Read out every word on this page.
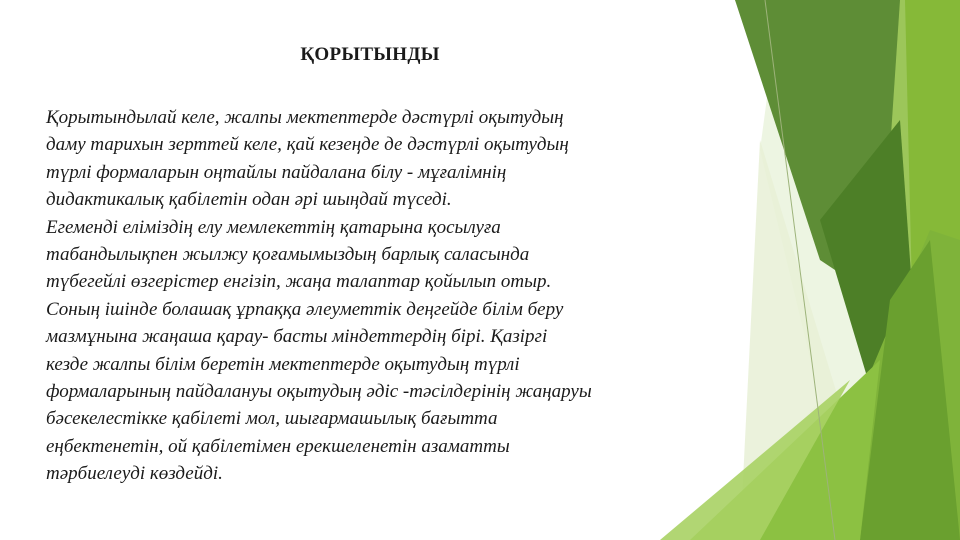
ҚОРЫТЫНДЫ
Қорытындылай келе, жалпы мектептерде дәстүрлі оқытудың
даму тарихын зерттей келе, қай кезеңде де дәстүрлі оқытудың
түрлі формаларын оңтайлы пайдалана білу - мұғалімнің
дидактикалық қабілетін одан әрі шыңдай түседі.
Егеменді еліміздің елу мемлекеттің қатарына қосылуға
табандылықпен жылжу қоғамымыздың барлық саласында
түбегейлі өзгерістер енгізіп, жаңа талаптар қойылып отыр.
Соның ішінде болашақ ұрпаққа әлеуметтік деңгейде білім беру
мазмұнына жаңаша қарау- басты міндеттердің бірі. Қазіргі
кезде жалпы білім беретін мектептерде оқытудың түрлі
формаларының пайдалануы оқытудың әдіс -тәсілдерінің жаңаруы
бәсекелестікке қабілеті мол, шығармашылық бағытта
еңбектенетін, ой қабілетімен ерекшеленетін азаматты
тәрбиелеуді көздейді.
